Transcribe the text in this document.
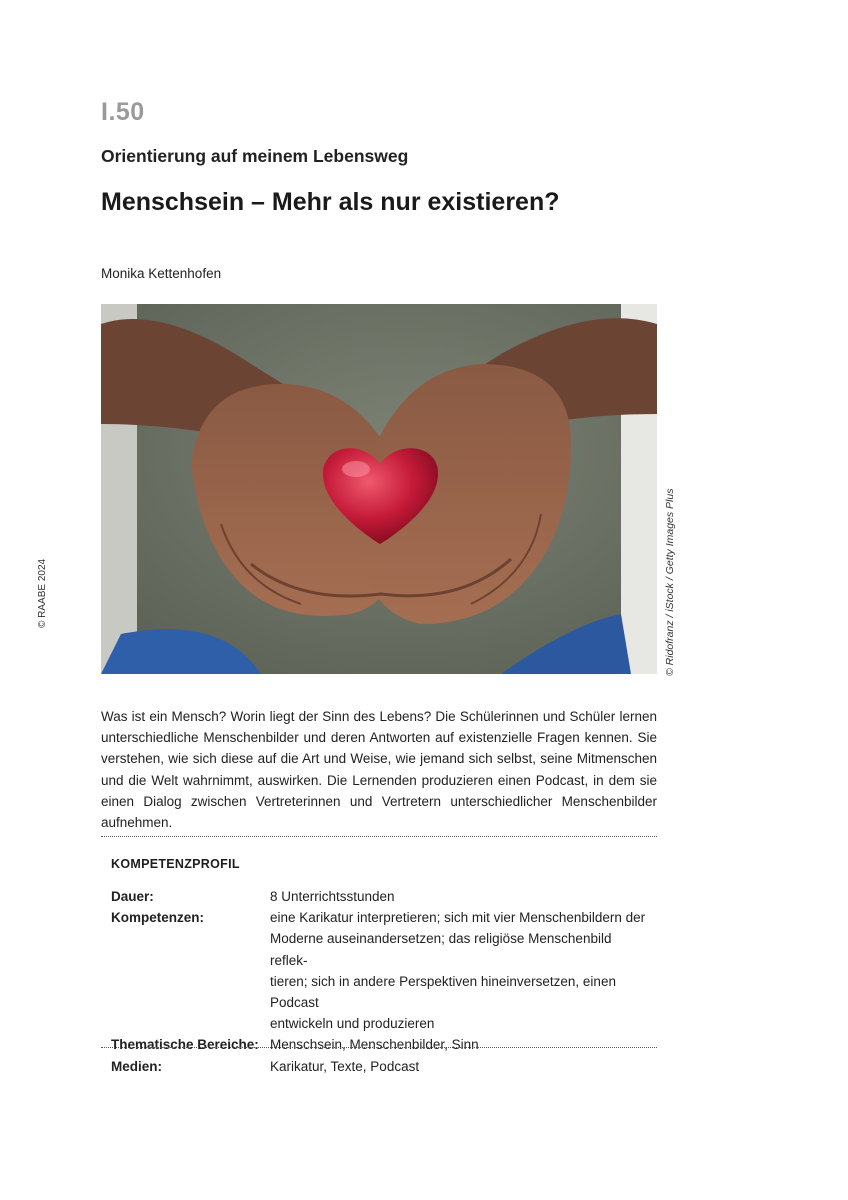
I.50
Orientierung auf meinem Lebensweg
Menschsein – Mehr als nur existieren?
Monika Kettenhofen
© Ridofranz / iStock / Getty Images Plus
© RAABE 2024

Was ist ein Mensch? Worin liegt der Sinn des Lebens? Die Schülerinnen und Schüler lernen unterschiedliche Menschenbilder und deren Antworten auf existenzielle Fragen kennen. Sie verstehen, wie sich diese auf die Art und Weise, wie jemand sich selbst, seine Mitmenschen und die Welt wahrnimmt, auswirken. Die Lernenden produzieren einen Podcast, in dem sie einen Dialog zwischen Vertreterinnen und Vertretern unterschiedlicher Menschenbilder aufnehmen.

KOMPETENZPROFIL
Dauer:	8 Unterrichtsstunden
Kompetenzen:	eine Karikatur interpretieren; sich mit vier Menschenbildern der
Moderne auseinandersetzen; das religiöse Menschenbild reflek-
tieren; sich in andere Perspektiven hineinversetzen, einen Podcast
entwickeln und produzieren
Thematische Bereiche: Menschsein, Menschenbilder, Sinn
Medien:	Karikatur, Texte, Podcast
